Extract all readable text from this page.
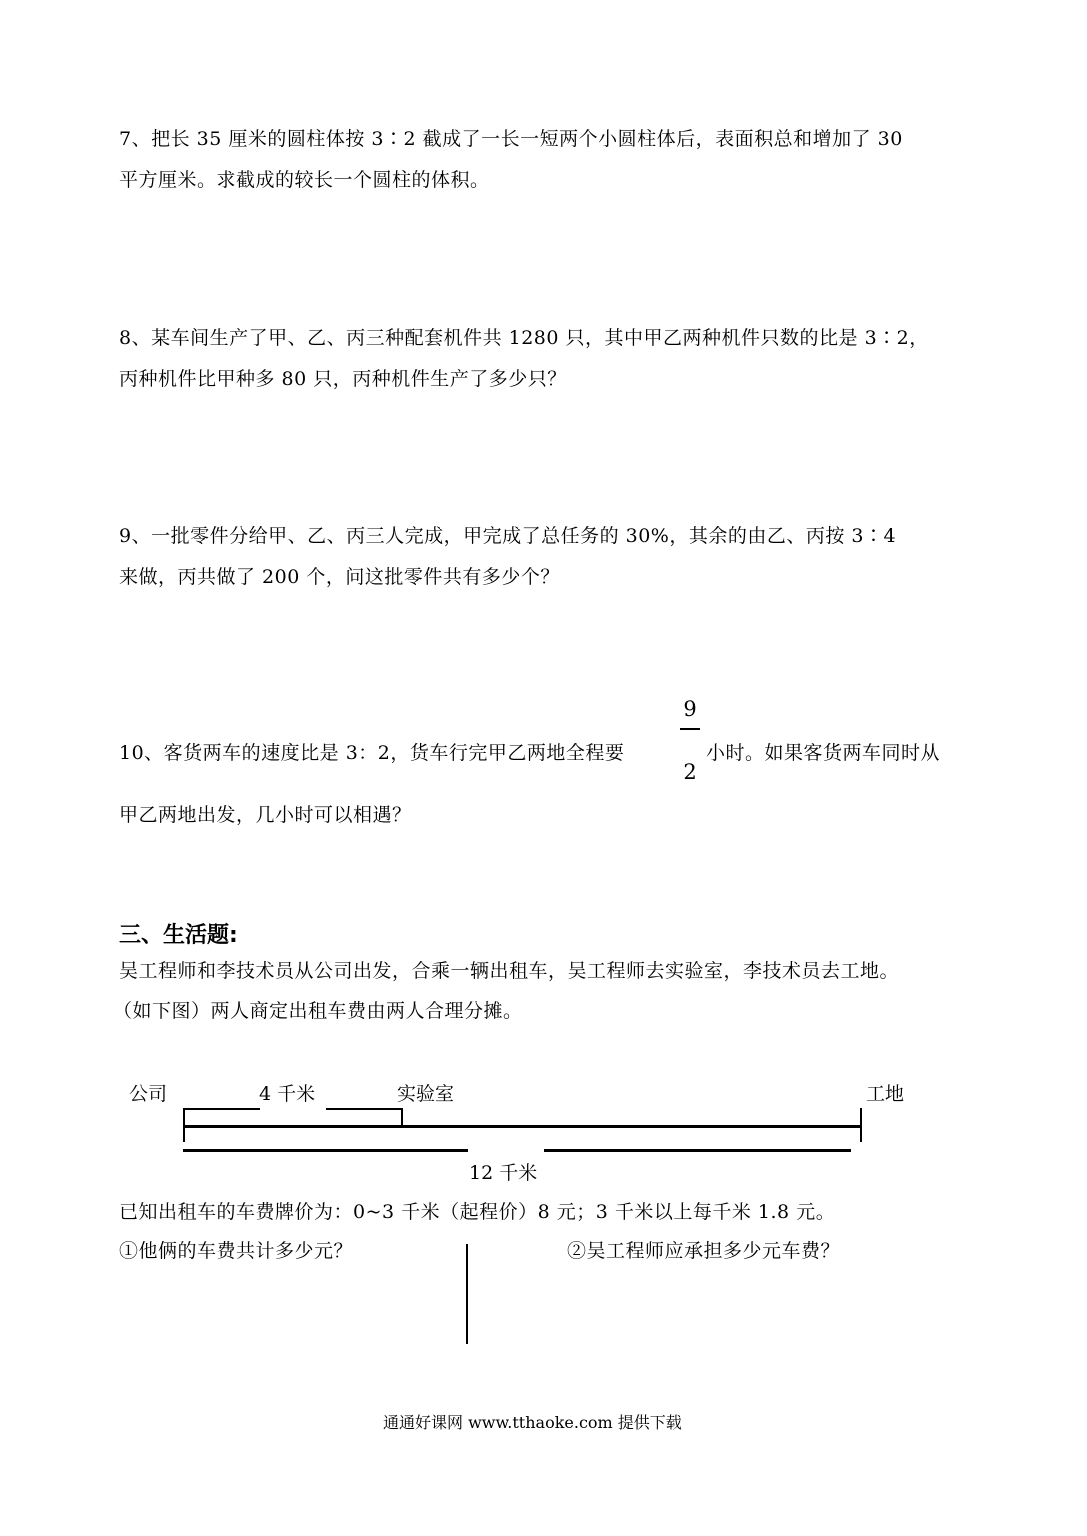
7、把长 35 厘米的圆柱体按 3∶2 截成了一长一短两个小圆柱体后，表面积总和增加了 30
平方厘米。求截成的较长一个圆柱的体积。
8、某车间生产了甲、乙、丙三种配套机件共 1280 只，其中甲乙两种机件只数的比是 3∶2，
丙种机件比甲种多 80 只，丙种机件生产了多少只？
9、一批零件分给甲、乙、丙三人完成，甲完成了总任务的 30%，其余的由乙、丙按 3∶4
来做，丙共做了 200 个，问这批零件共有多少个？
10、客货两车的速度比是 3：2，货车行完甲乙两地全程要
9
2
小时。如果客货两车同时从
甲乙两地出发，几小时可以相遇？
三、生活题:
吴工程师和李技术员从公司出发，合乘一辆出租车，吴工程师去实验室，李技术员去工地。
（如下图）两人商定出租车费由两人合理分摊。
公司	4 千米	实验室	工地
12 千米
已知出租车的车费牌价为：0~3 千米（起程价）8 元；3 千米以上每千米 1.8 元。
①他俩的车费共计多少元？	②吴工程师应承担多少元车费？
通通好课网 www.tthaoke.com 提供下载
